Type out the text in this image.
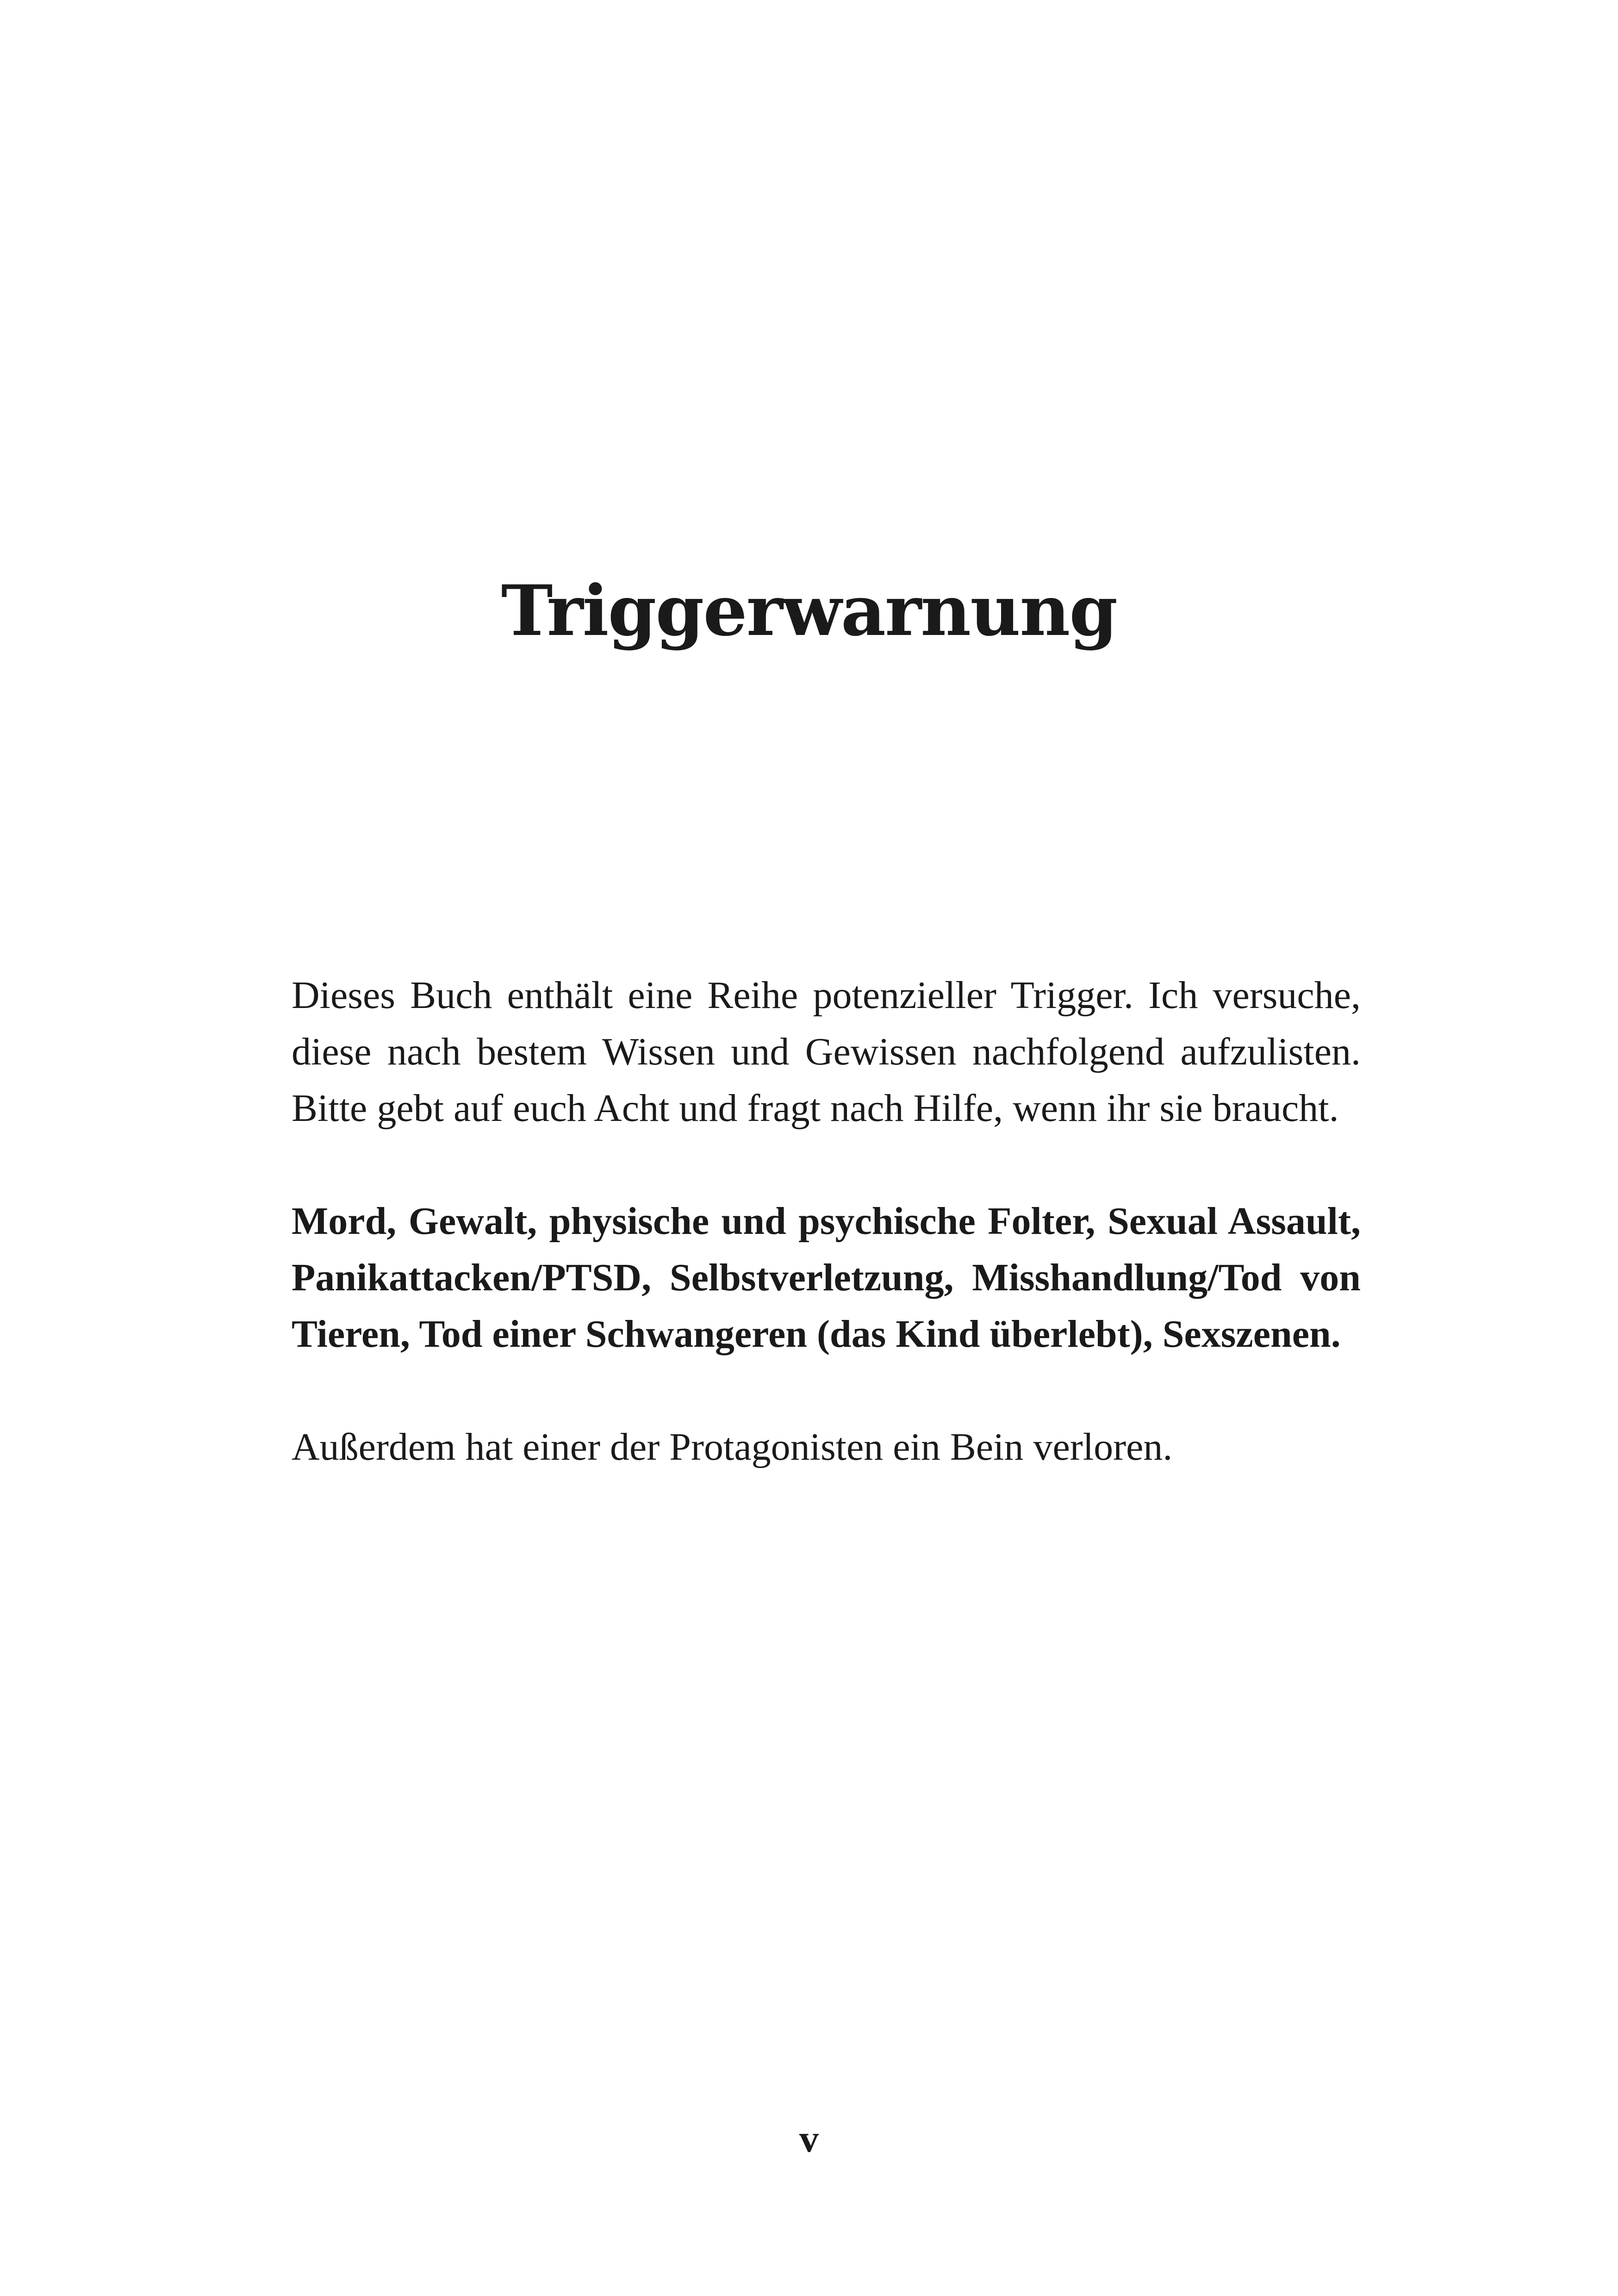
Triggerwarnung

Dieses Buch enthält eine Reihe potenzieller Trigger. Ich versuche, diese nach bestem Wissen und Gewissen nachfolgend aufzulisten. Bitte gebt auf euch Acht und fragt nach Hilfe, wenn ihr sie braucht.

Mord, Gewalt, physische und psychische Folter, Sexual Assault, Panikattacken/PTSD, Selbstverletzung, Misshandlung/Tod von Tieren, Tod einer Schwangeren (das Kind überlebt), Sexszenen.

Außerdem hat einer der Protagonisten ein Bein verloren.

v
